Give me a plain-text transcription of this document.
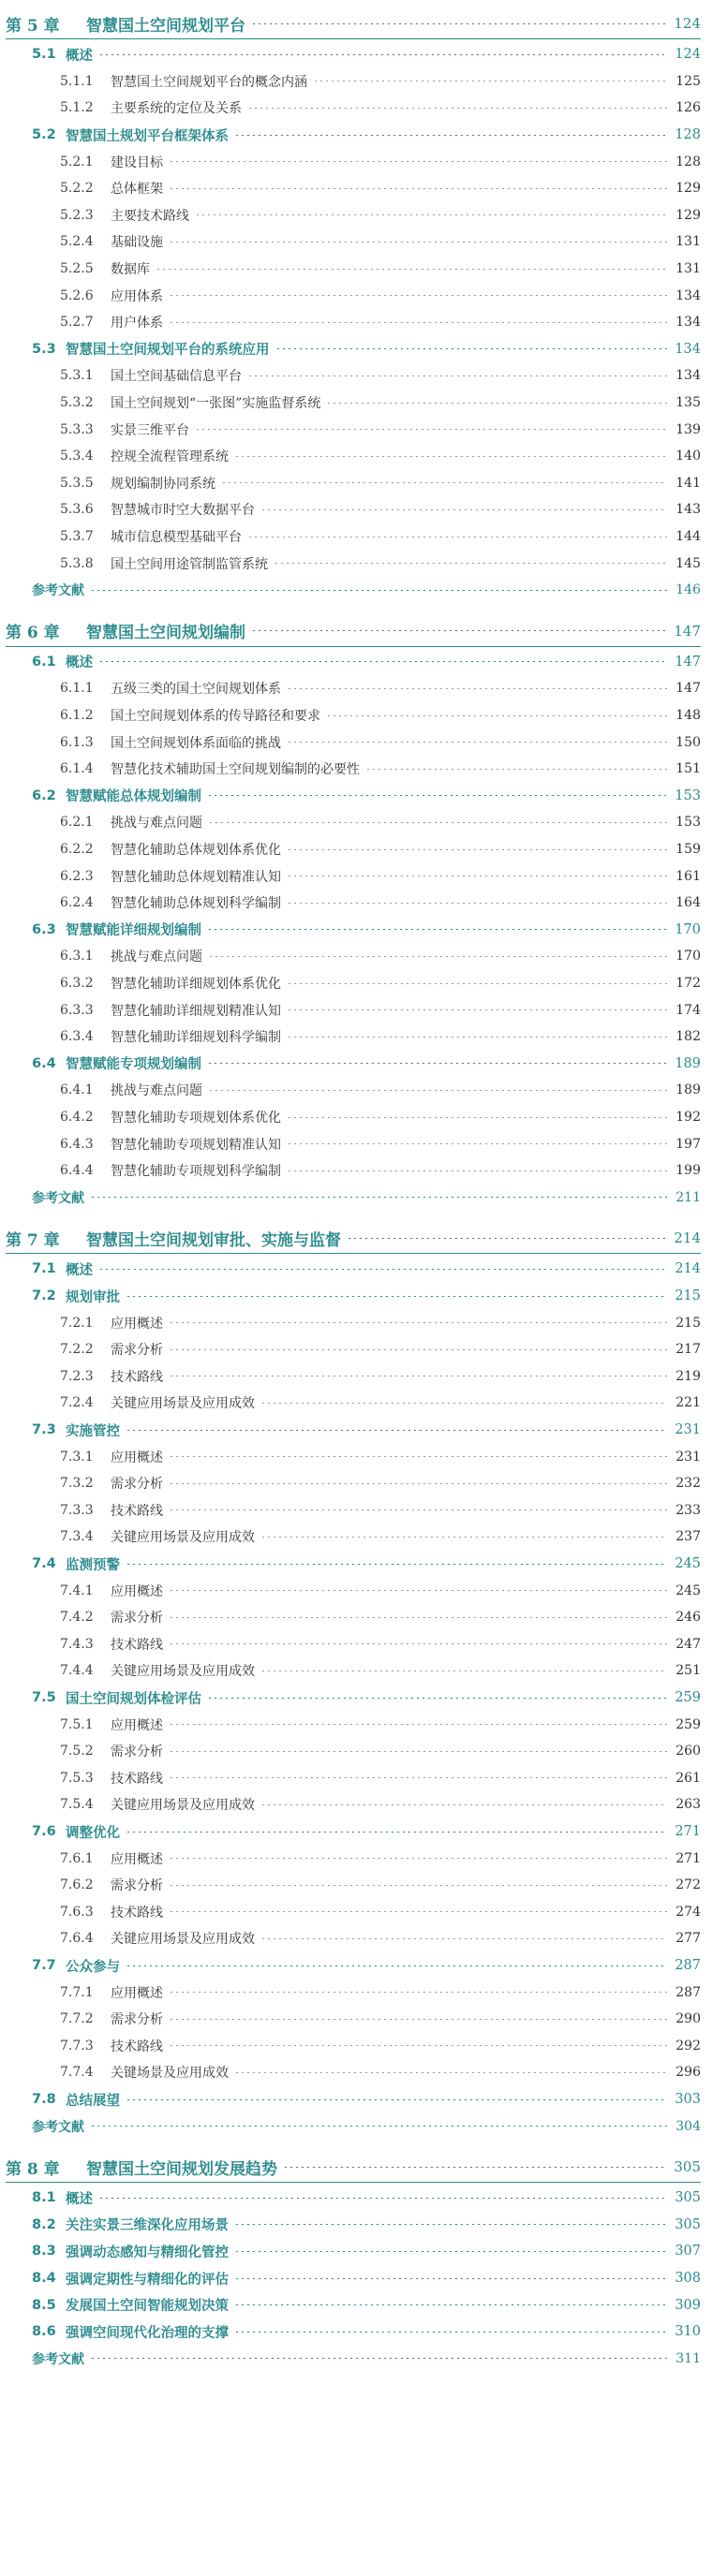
第 5 章	智慧国土空间规划平台	124
5.1 概述	124
5.1.1	智慧国土空间规划平台的概念内涵	125
5.1.2	主要系统的定位及关系	126
5.2 智慧国土规划平台框架体系	128
5.2.1	建设目标	128
5.2.2	总体框架	129
5.2.3	主要技术路线	129
5.2.4	基础设施	131
5.2.5	数据库	131
5.2.6	应用体系	134
5.2.7	用户体系	134
5.3 智慧国土空间规划平台的系统应用	134
5.3.1	国土空间基础信息平台	134
5.3.2	国土空间规划“一张图”实施监督系统	135
5.3.3	实景三维平台	139
5.3.4	控规全流程管理系统	140
5.3.5	规划编制协同系统	141
5.3.6	智慧城市时空大数据平台	143
5.3.7	城市信息模型基础平台	144
5.3.8	国土空间用途管制监管系统	145
参考文献	146
第 6 章	智慧国土空间规划编制	147
6.1 概述	147
6.1.1	五级三类的国土空间规划体系	147
6.1.2	国土空间规划体系的传导路径和要求	148
6.1.3	国土空间规划体系面临的挑战	150
6.1.4	智慧化技术辅助国土空间规划编制的必要性	151
6.2 智慧赋能总体规划编制	153
6.2.1	挑战与难点问题	153
6.2.2	智慧化辅助总体规划体系优化	159
6.2.3	智慧化辅助总体规划精准认知	161
6.2.4	智慧化辅助总体规划科学编制	164
6.3 智慧赋能详细规划编制	170
6.3.1	挑战与难点问题	170
6.3.2	智慧化辅助详细规划体系优化	172
6.3.3	智慧化辅助详细规划精准认知	174
6.3.4	智慧化辅助详细规划科学编制	182
6.4 智慧赋能专项规划编制	189
6.4.1	挑战与难点问题	189
6.4.2	智慧化辅助专项规划体系优化	192
6.4.3	智慧化辅助专项规划精准认知	197
6.4.4	智慧化辅助专项规划科学编制	199
参考文献	211
第 7 章	智慧国土空间规划审批、实施与监督	214
7.1 概述	214
7.2 规划审批	215
7.2.1	应用概述	215
7.2.2	需求分析	217
7.2.3	技术路线	219
7.2.4	关键应用场景及应用成效	221
7.3 实施管控	231
7.3.1	应用概述	231
7.3.2	需求分析	232
7.3.3	技术路线	233
7.3.4	关键应用场景及应用成效	237
7.4 监测预警	245
7.4.1	应用概述	245
7.4.2	需求分析	246
7.4.3	技术路线	247
7.4.4	关键应用场景及应用成效	251
7.5 国土空间规划体检评估	259
7.5.1	应用概述	259
7.5.2	需求分析	260
7.5.3	技术路线	261
7.5.4	关键应用场景及应用成效	263
7.6 调整优化	271
7.6.1	应用概述	271
7.6.2	需求分析	272
7.6.3	技术路线	274
7.6.4	关键应用场景及应用成效	277
7.7 公众参与	287
7.7.1	应用概述	287
7.7.2	需求分析	290
7.7.3	技术路线	292
7.7.4	关键场景及应用成效	296
7.8 总结展望	303
参考文献	304
第 8 章	智慧国土空间规划发展趋势	305
8.1 概述	305
8.2 关注实景三维深化应用场景	305
8.3 强调动态感知与精细化管控	307
8.4 强调定期性与精细化的评估	308
8.5 发展国土空间智能规划决策	309
8.6 强调空间现代化治理的支撑	310
参考文献	311
